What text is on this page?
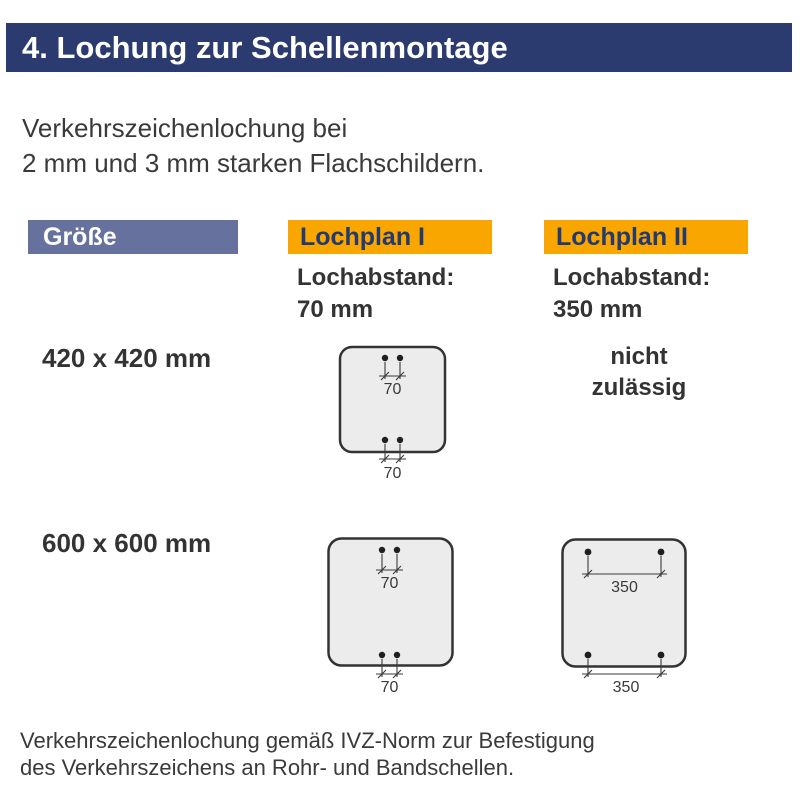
4. Lochung zur Schellenmontage
Verkehrszeichenlochung bei
2 mm und 3 mm starken Flachschildern.
Größe	Lochplan I	Lochplan II
Lochabstand:
70 mm
Lochabstand:
350 mm
420 x 420 mm
70
70
nicht
zulässig
600 x 600 mm
70
70
350
350
Verkehrszeichenlochung gemäß IVZ-Norm zur Befestigung
des Verkehrszeichens an Rohr- und Bandschellen.
